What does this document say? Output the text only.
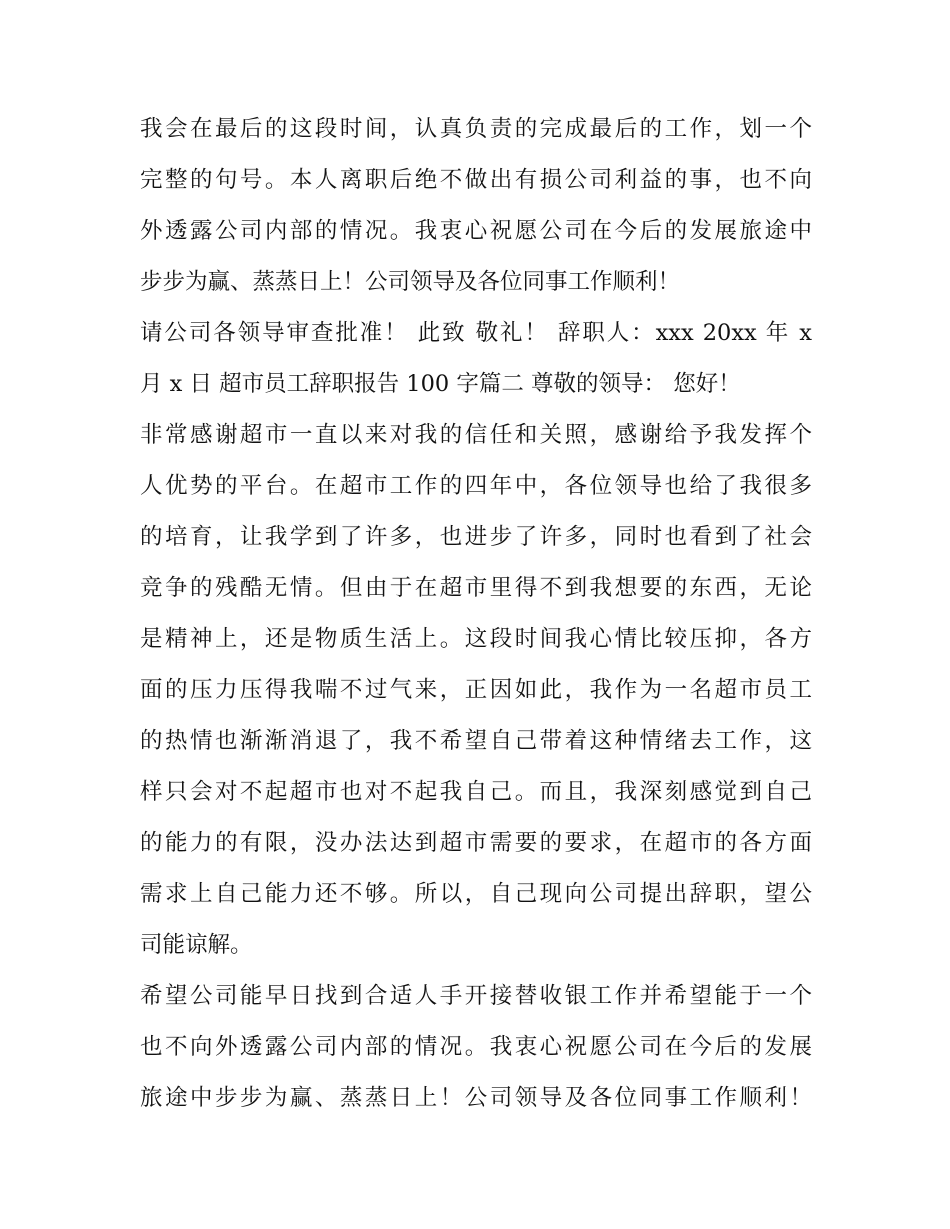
我会在最后的这段时间，认真负责的完成最后的工作，划一个
完整的句号。本人离职后绝不做出有损公司利益的事，也不向
外透露公司内部的情况。我衷心祝愿公司在今后的发展旅途中
步步为赢、蒸蒸日上！公司领导及各位同事工作顺利！
请公司各领导审查批准！ 此致 敬礼！ 辞职人：xxx 20xx 年 x
月 x 日 超市员工辞职报告 100 字篇二 尊敬的领导： 您好！
非常感谢超市一直以来对我的信任和关照，感谢给予我发挥个
人优势的平台。在超市工作的四年中，各位领导也给了我很多
的培育，让我学到了许多，也进步了许多，同时也看到了社会
竞争的残酷无情。但由于在超市里得不到我想要的东西，无论
是精神上，还是物质生活上。这段时间我心情比较压抑，各方
面的压力压得我喘不过气来，正因如此，我作为一名超市员工
的热情也渐渐消退了，我不希望自己带着这种情绪去工作，这
样只会对不起超市也对不起我自己。而且，我深刻感觉到自己
的能力的有限，没办法达到超市需要的要求，在超市的各方面
需求上自己能力还不够。所以，自己现向公司提出辞职，望公
司能谅解。
希望公司能早日找到合适人手开接替收银工作并希望能于一个
也不向外透露公司内部的情况。我衷心祝愿公司在今后的发展
旅途中步步为赢、蒸蒸日上！公司领导及各位同事工作顺利！
